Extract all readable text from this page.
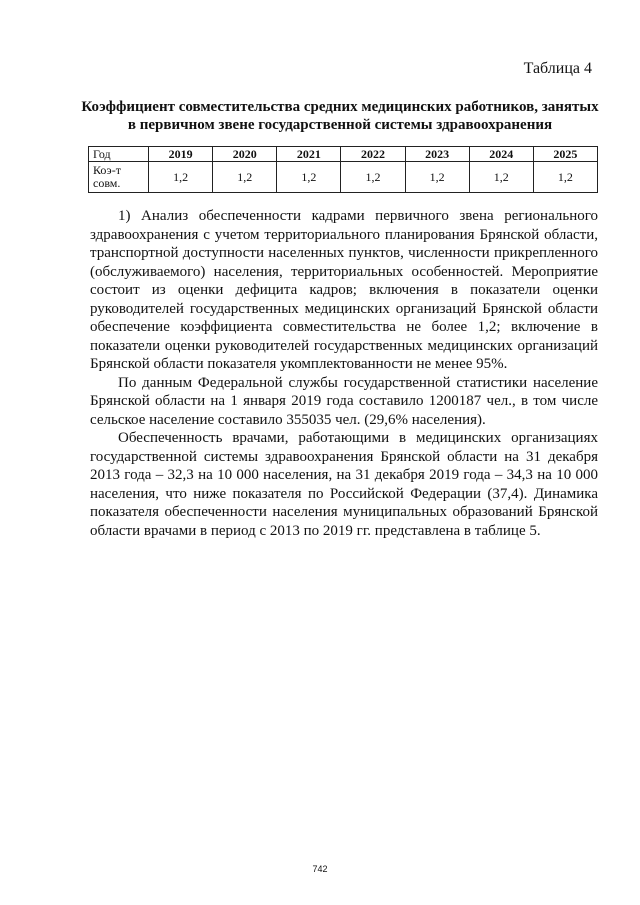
Таблица 4
Коэффициент совместительства средних медицинских работников, занятых в первичном звене государственной системы здравоохранения
Год	2019	2020	2021	2022	2023	2024	2025
Коэ-т совм.	1,2	1,2	1,2	1,2	1,2	1,2	1,2

1) Анализ обеспеченности кадрами первичного звена регионального здравоохранения с учетом территориального планирования Брянской области, транспортной доступности населенных пунктов, численности прикрепленного (обслуживаемого) населения, территориальных особенностей. Мероприятие состоит из оценки дефицита кадров; включения в показатели оценки руководителей государственных медицинских организаций Брянской области обеспечение коэффициента совместительства не более 1,2; включение в показатели оценки руководителей государственных медицинских организаций Брянской области показателя укомплектованности не менее 95%.

По данным Федеральной службы государственной статистики население Брянской области на 1 января 2019 года составило 1200187 чел., в том числе сельское население составило 355035 чел. (29,6% населения).

Обеспеченность врачами, работающими в медицинских организациях государственной системы здравоохранения Брянской области на 31 декабря 2013 года – 32,3 на 10 000 населения, на 31 декабря 2019 года – 34,3 на 10 000 населения, что ниже показателя по Российской Федерации (37,4). Динамика показателя обеспеченности населения муниципальных образований Брянской области врачами в период с 2013 по 2019 гг. представлена в таблице 5.

742
